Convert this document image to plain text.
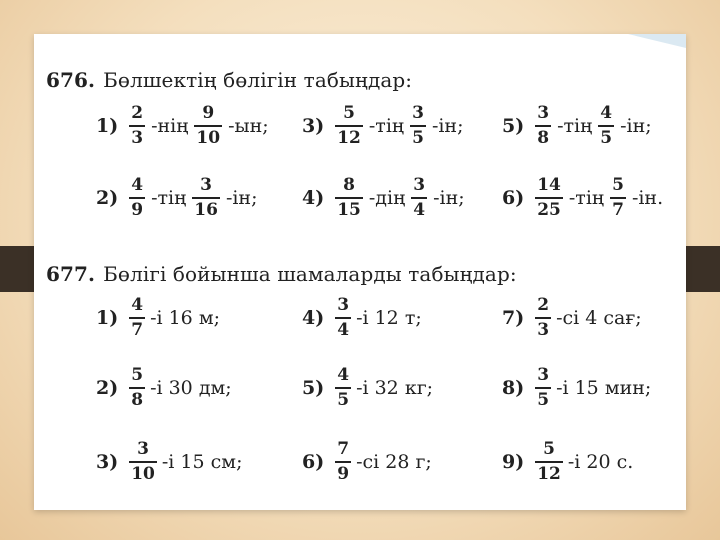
676. Бөлшектің бөлігін табыңдар:
$1) \frac{2}{3} -нің \frac{9}{10} -ын$;
$2) \frac{4}{9} -тің \frac{3}{16} -ін$;
$3) \frac{5}{12} -тің \frac{3}{5} -ін$;
$4) \frac{8}{15} -дің \frac{3}{4} -ін$;
$5) \frac{3}{8} -тің \frac{4}{5} -ін$;
$6) \frac{14}{25} -тің \frac{5}{7} -ін$.
677. Бөлігі бойынша шамаларды табыңдар:
$1) \frac{4}{7} -і$ 16 м;
$2) \frac{5}{8} -і$ 30 дм;
$3) \frac{3}{10} -і$ 15 см;
$4) \frac{3}{4} -і$ 12 т;
$5) \frac{4}{5} -і$ 32 кг;
$6) \frac{7}{9} -сі$ 28 г;
$7) \frac{2}{3} -сі$ 4 сағ;
$8) \frac{3}{5} -і$ 15 мин;
$9) \frac{5}{12} -і$ 20 с.
